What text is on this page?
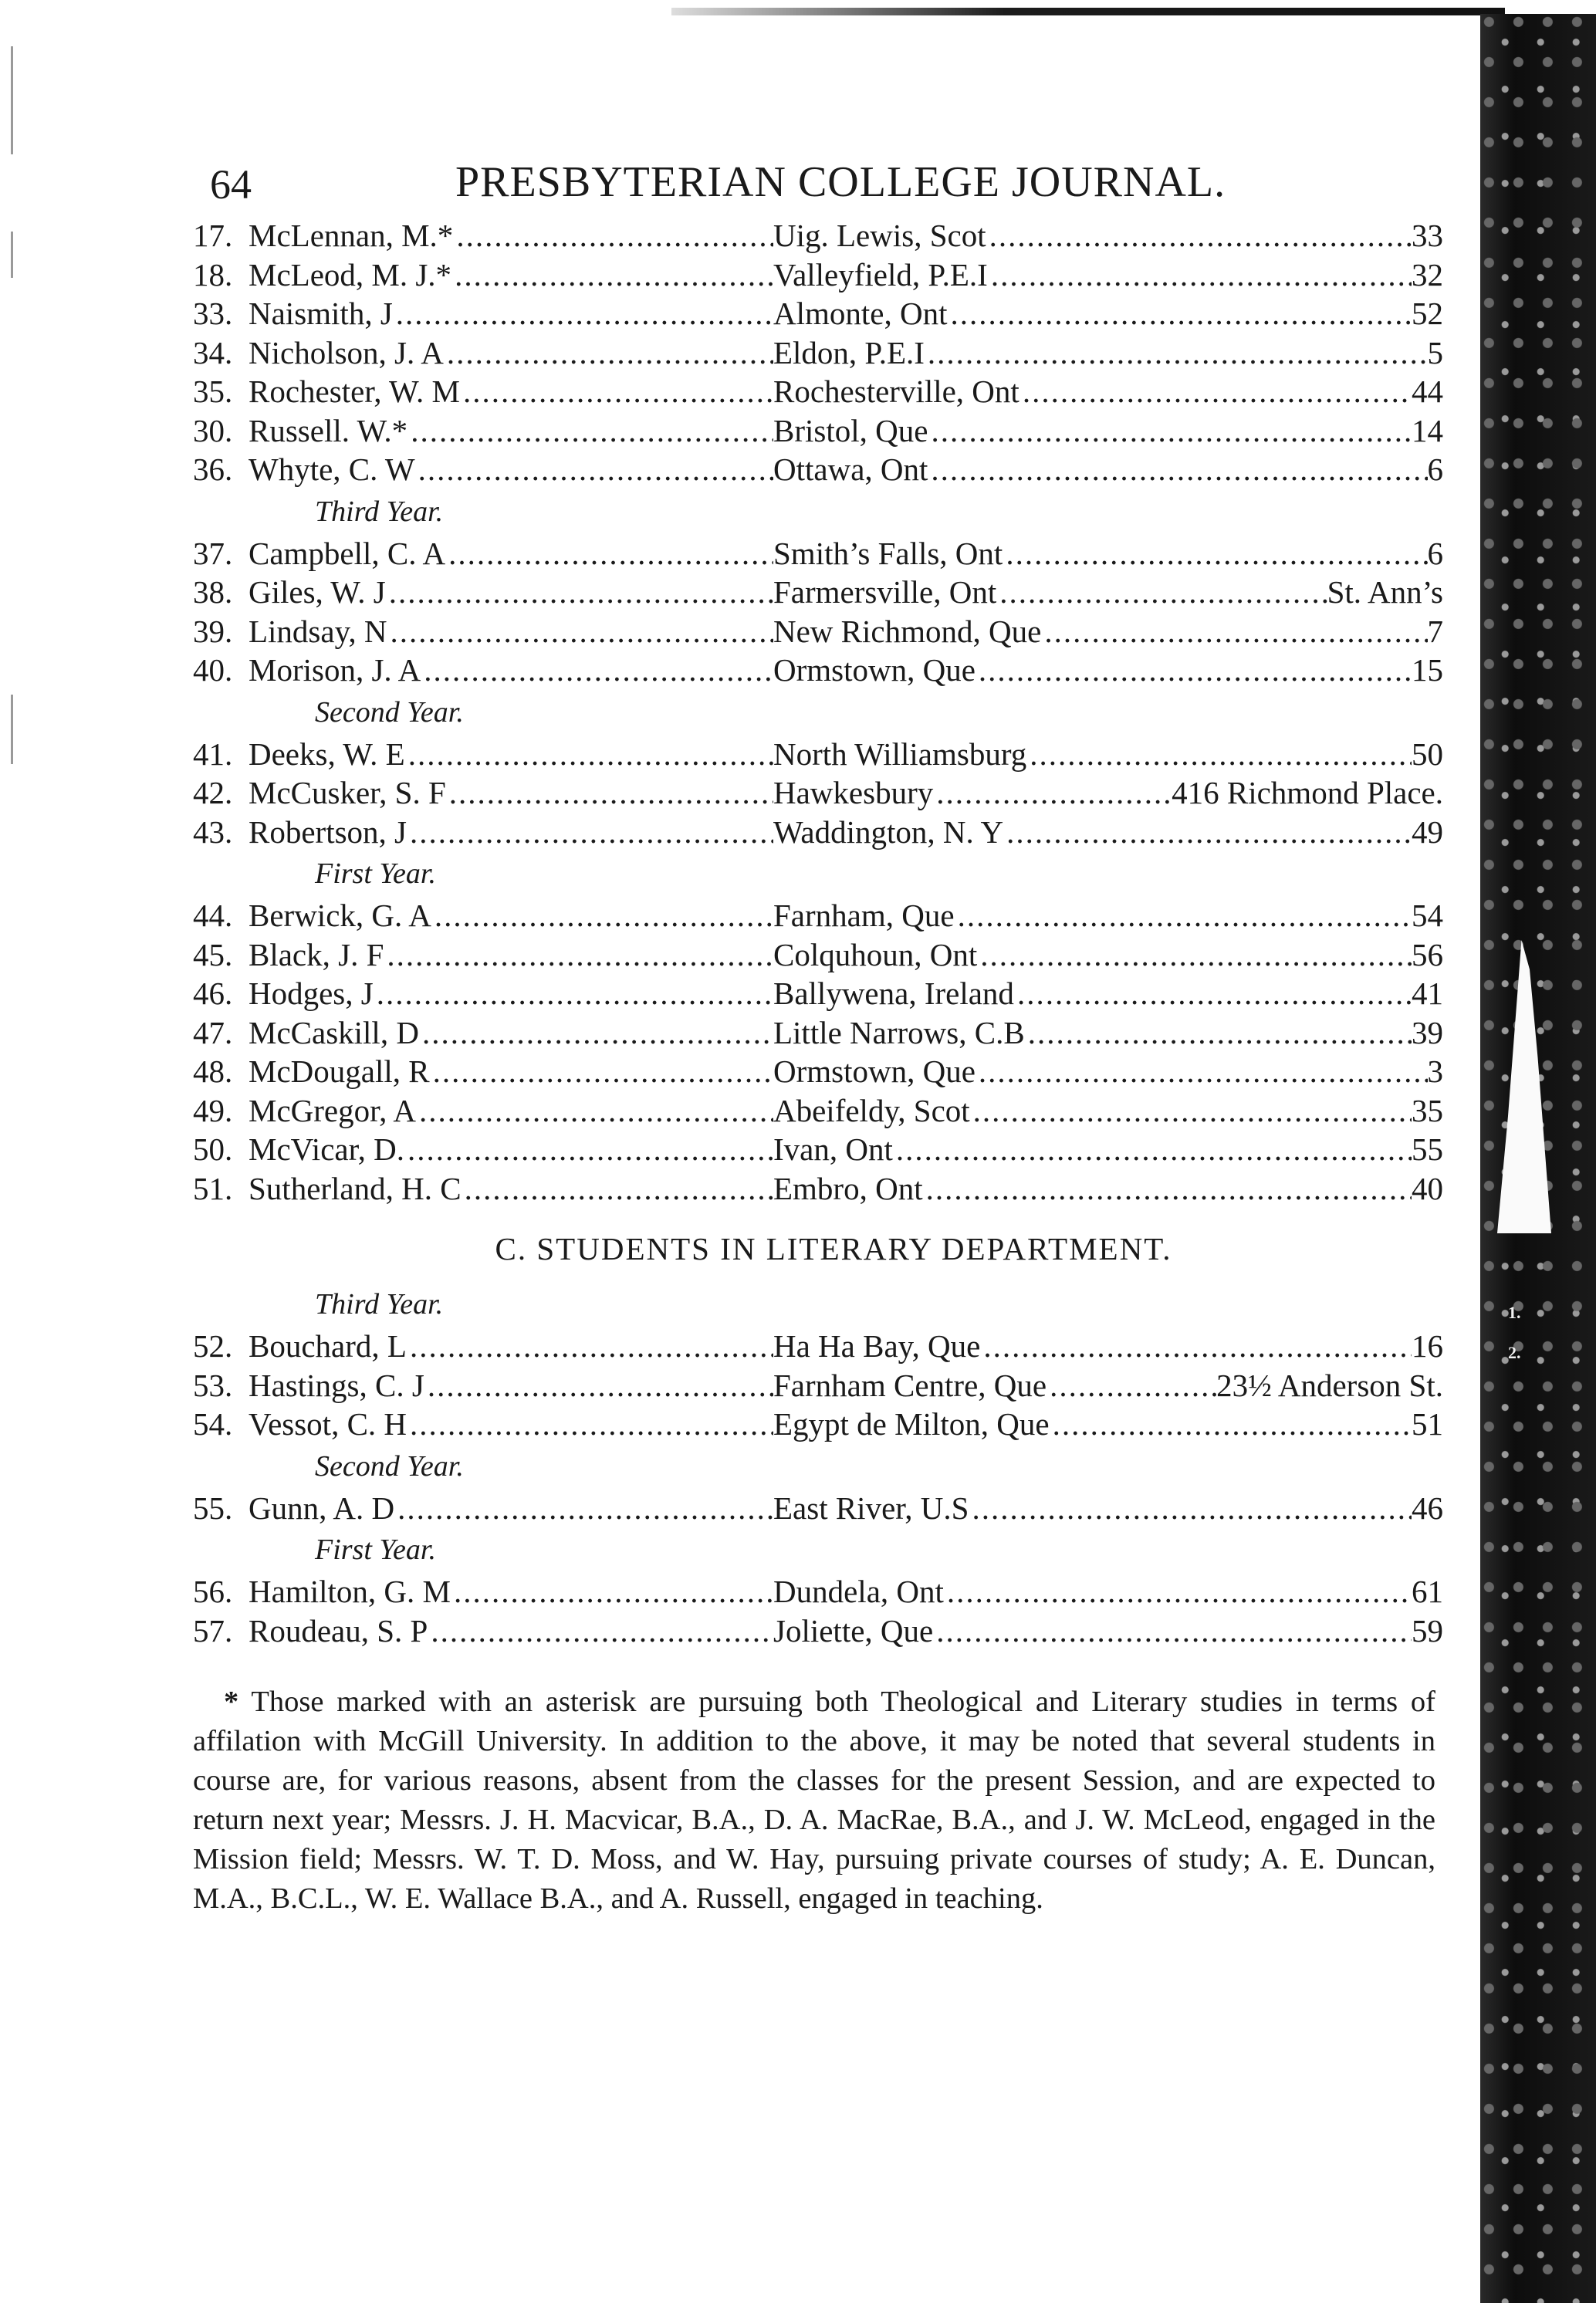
1.
2.
64	PRESBYTERIAN COLLEGE JOURNAL.
17. McLennan, M.* .....	Uig. Lewis, Scot .....	33
18. McLeod, M. J.* .....	Valleyfield, P.E.I .....	32
33. Naismith, J .....	Almonte, Ont .....	52
34. Nicholson, J. A .....	Eldon, P.E.I .....	5
35. Rochester, W. M .....	Rochesterville, Ont .....	44
30. Russell. W.* .....	Bristol, Que .....	14
36. Whyte, C. W .....	Ottawa, Ont .....	6
Third Year.
37. Campbell, C. A .....	Smith’s Falls, Ont .....	6
38. Giles, W. J .....	Farmersville, Ont .....	St. Ann’s
39. Lindsay, N .....	New Richmond, Que .....	7
40. Morison, J. A .....	Ormstown, Que .....	15
Second Year.
41. Deeks, W. E .....	North Williamsburg .....	50
42. McCusker, S. F .....	Hawkesbury .....	416 Richmond Place.
43. Robertson, J .....	Waddington, N. Y .....	49
First Year.
44. Berwick, G. A .....	Farnham, Que .....	54
45. Black, J. F .....	Colquhoun, Ont .....	56
46. Hodges, J .....	Ballywena, Ireland .....	41
47. McCaskill, D .....	Little Narrows, C.B .....	39
48. McDougall, R .....	Ormstown, Que .....	3
49. McGregor, A .....	Abeifeldy, Scot .....	35
50. McVicar, D. .....	Ivan, Ont .....	55
51. Sutherland, H. C .....	Embro, Ont .....	40
C. STUDENTS IN LITERARY DEPARTMENT.
Third Year.
52. Bouchard, L .....	Ha Ha Bay, Que .....	16
53. Hastings, C. J .....	Farnham Centre, Que .....	23½ Anderson St.
54. Vessot, C. H .....	Egypt de Milton, Que .....	51
Second Year.
55. Gunn, A. D .....	East River, U.S .....	46
First Year.
56. Hamilton, G. M .....	Dundela, Ont .....	61
57. Roudeau, S. P .....	Joliette, Que .....	59

* Those marked with an asterisk are pursuing both Theological and Literary studies in terms of affilation with McGill University. In addition to the above, it may be noted that several students in course are, for various reasons, absent from the classes for the present Session, and are expected to return next year; Messrs. J. H. Macvicar, B.A., D. A. MacRae, B.A., and J. W. McLeod, engaged in the Mission field; Messrs. W. T. D. Moss, and W. Hay, pursuing private courses of study; A. E. Duncan, M.A., B.C.L., W. E. Wallace B.A., and A. Russell, engaged in teaching.
